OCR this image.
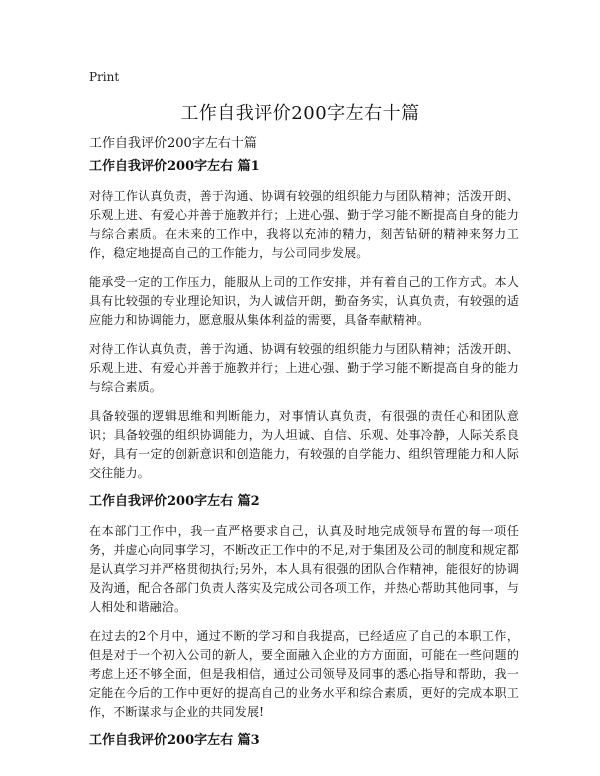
Print
工作自我评价200字左右十篇
工作自我评价200字左右十篇
工作自我评价200字左右 篇1

对待工作认真负责，善于沟通、协调有较强的组织能力与团队精神；活泼开朗、乐观上进、有爱心并善于施教并行；上进心强、勤于学习能不断提高自身的能力与综合素质。在未来的工作中，我将以充沛的精力，刻苦钻研的精神来努力工作，稳定地提高自己的工作能力，与公司同步发展。

能承受一定的工作压力，能服从上司的工作安排，并有着自己的工作方式。本人具有比较强的专业理论知识，为人诚信开朗，勤奋务实，认真负责，有较强的适应能力和协调能力，愿意服从集体利益的需要，具备奉献精神。

对待工作认真负责，善于沟通、协调有较强的组织能力与团队精神；活泼开朗、乐观上进、有爱心并善于施教并行；上进心强、勤于学习能不断提高自身的能力与综合素质。

具备较强的逻辑思维和判断能力，对事情认真负责，有很强的责任心和团队意识；具备较强的组织协调能力，为人坦诚、自信、乐观、处事冷静，人际关系良好，具有一定的创新意识和创造能力，有较强的自学能力、组织管理能力和人际交往能力。

工作自我评价200字左右 篇2

在本部门工作中，我一直严格要求自己，认真及时地完成领导布置的每一项任务，并虚心向同事学习，不断改正工作中的不足,对于集团及公司的制度和规定都是认真学习并严格贯彻执行;另外，本人具有很强的团队合作精神，能很好的协调及沟通，配合各部门负责人落实及完成公司各项工作，并热心帮助其他同事，与人相处和谐融洽。

在过去的2个月中，通过不断的学习和自我提高，已经适应了自己的本职工作，但是对于一个初入公司的新人，要全面融入企业的方方面面，可能在一些问题的考虑上还不够全面，但是我相信，通过公司领导及同事的悉心指导和帮助，我一定能在今后的工作中更好的提高自己的业务水平和综合素质，更好的完成本职工作，不断谋求与企业的共同发展!

工作自我评价200字左右 篇3
